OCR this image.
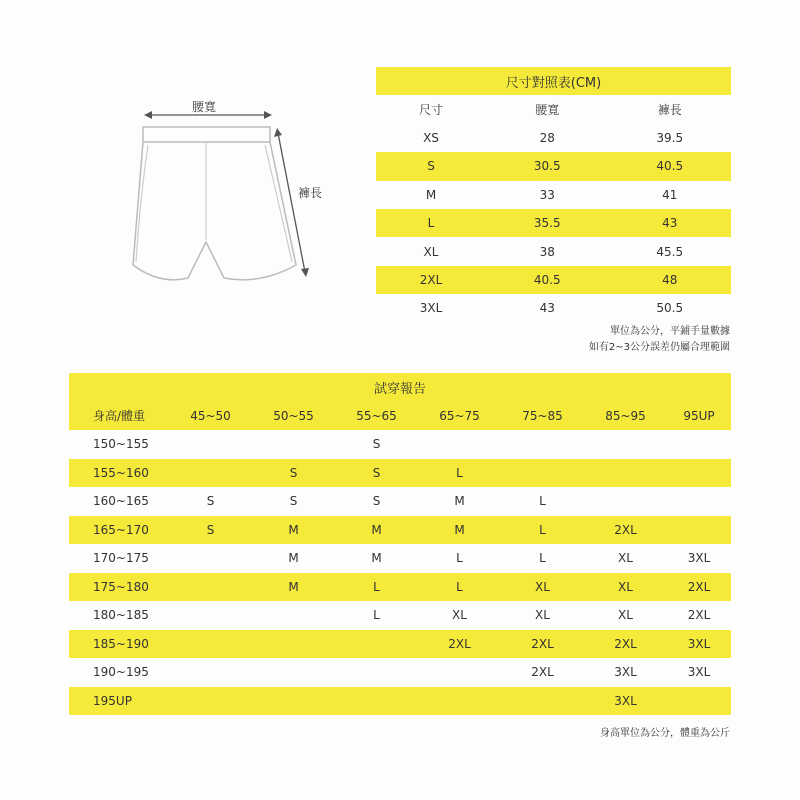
腰寬
褲長
尺寸對照表(CM)		
尺寸	腰寬	褲長
XS	28	39.5
S	30.5	40.5
M	33	41
L	35.5	43
XL	38	45.5
2XL	40.5	48
3XL	43	50.5
單位為公分，平鋪手量數據
如有2~3公分誤差仍屬合理範圍
試穿報告							
身高/體重	45~50	50~55	55~65	65~75	75~85	85~95	95UP
150~155			S				
155~160		S	S	L			
160~165	S	S	S	M	L		
165~170	S	M	M	M	L	2XL	
170~175		M	M	L	L	XL	3XL
175~180		M	L	L	XL	XL	2XL
180~185			L	XL	XL	XL	2XL
185~190				2XL	2XL	2XL	3XL
190~195					2XL	3XL	3XL
195UP						3XL	
身高單位為公分，體重為公斤
